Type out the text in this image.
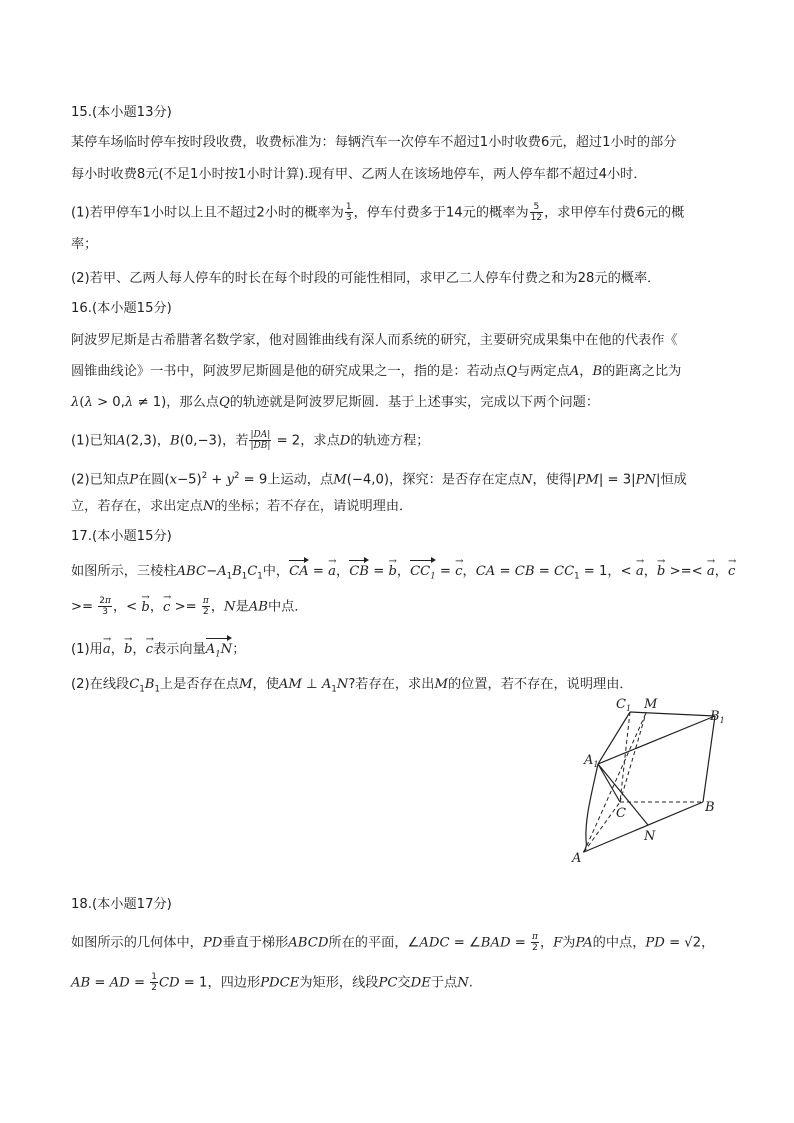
15.(本小题13分)
某停车场临时停车按时段收费，收费标准为：每辆汽车一次停车不超过1小时收费6元，超过1小时的部分
每小时收费8元(不足1小时按1小时计算).现有甲、乙两人在该场地停车，两人停车都不超过4小时．
(1)若甲停车1小时以上且不超过2小时的概率为 $\frac{1}{3}$ ，停车付费多于14元的概率为 $\frac{5}{12}$ ，求甲停车付费6元的概
率；
(2)若甲、乙两人每人停车的时长在每个时段的可能性相同，求甲乙二人停车付费之和为28元的概率．
16.(本小题15分)
阿波罗尼斯是古希腊著名数学家，他对圆锥曲线有深人而系统的研究，主要研究成果集中在他的代表作《
圆锥曲线论》一书中，阿波罗尼斯圆是他的研究成果之一，指的是：若动点Q与两定点A，B的距离之比为
λ(λ > 0,λ ≠ 1)，那么点Q的轨迹就是阿波罗尼斯圆．基于上述事实，完成以下两个问题：
(1)已知A(2,3)，B(0,−3)，若 $\frac{|DA|}{|DB|} = 2$，求点D的轨迹方程；
(2)已知点P在圆$(x-5)^2 + y^2 = 9$上运动，点M(−4,0)，探究：是否存在定点N，使得|PM| = 3|PN|恒成
立，若存在，求出定点N的坐标；若不存在，请说明理由．
17.(本小题15分)
如图所示，三棱柱$ABC-A_1B_1C_1$中，CA = → a，CB = → b，$CC_1$ = → c，CA = CB = $CC_1 = 1$，< → a，→ b >=< → a，→ c
>= $\frac{2\pi}{3}$ ，< → b，→ $c >= \frac{\pi}{2}$ ，N是AB中点．
(1)用→ a，→ b，→ c表示向量$A_1N$；
(2)在线段$C_1B_1$上是否存在点M，使AM ⊥ $A_1N$?若存在，求出M的位置，若不存在，说明理由．
$C_1$ M
$B_1$
$A_1$
C	B
N
A
18.(本小题17分)
如图所示的几何体中，PD垂直于梯形ABCD所在的平面，∠ADC = ∠BAD = $\frac{\pi}{2}$ ，F为PA的中点，PD = √2，
AB = AD = $\frac{1}{2}$ CD = 1，四边形PDCE为矩形，线段PC交DE于点N.
